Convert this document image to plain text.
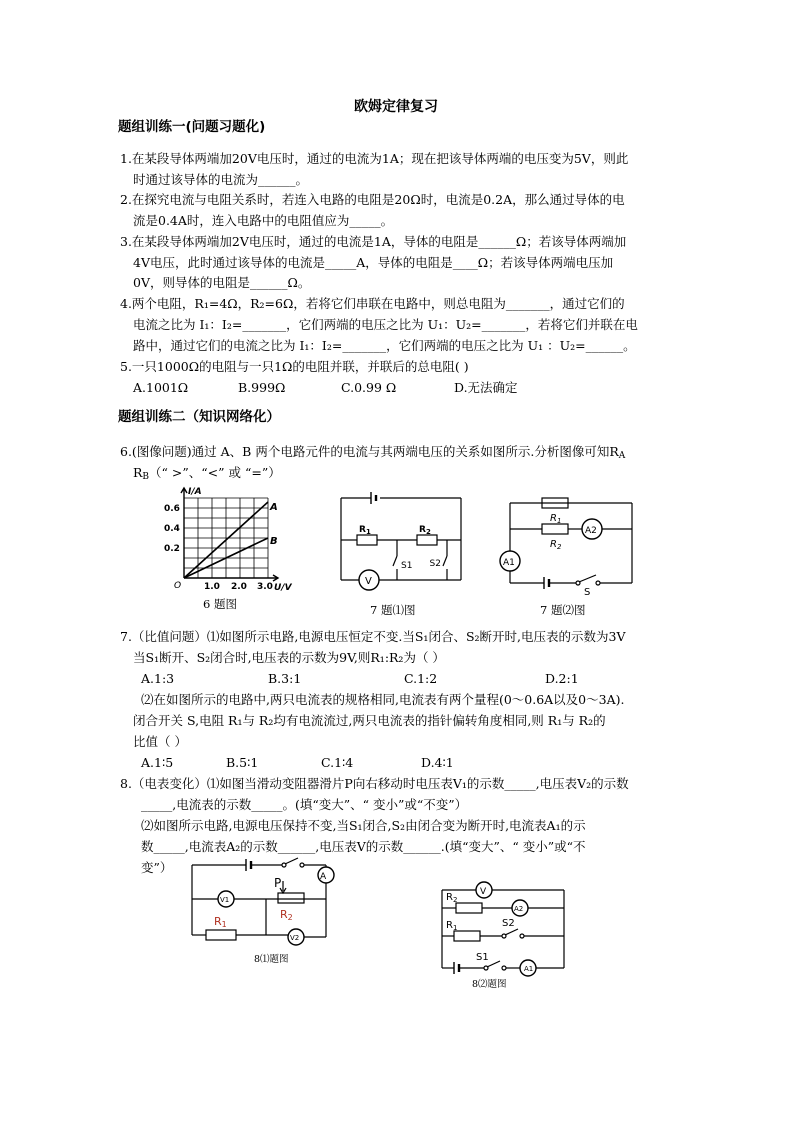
欧姆定律复习
题组训练一(问题习题化)
1.在某段导体两端加20V电压时，通过的电流为1A；现在把该导体两端的电压变为5V，则此
时通过该导体的电流为______。
2.在探究电流与电阻关系时，若连入电路的电阻是20Ω时，电流是0.2A，那么通过导体的电
流是0.4A时，连入电路中的电阻值应为_____。
3.在某段导体两端加2V电压时，通过的电流是1A，导体的电阻是______Ω；若该导体两端加
4V电压，此时通过该导体的电流是_____A，导体的电阻是____Ω；若该导体两端电压加
0V，则导体的电阻是______Ω。
4.两个电阻，R₁=4Ω，R₂=6Ω，若将它们串联在电路中，则总电阻为_______，通过它们的
电流之比为 I₁：I₂=_______，它们两端的电压之比为 U₁：U₂=_______，若将它们并联在电
路中，通过它们的电流之比为 I₁：I₂=_______，它们两端的电压之比为 U₁ ：U₂=______。
5.一只1000Ω的电阻与一只1Ω的电阻并联，并联后的总电阻( )
A.1001Ω	B.999Ω	C.0.99 Ω	D.无法确定
题组训练二（知识网络化）
6.(图像问题)通过 A、B 两个电路元件的电流与其两端电压的关系如图所示.分析图像可知$R_A$
$R_B(“$ >”、“<” 或 “=”）
I/A
U/V
O
0.6
0.4
0.2
1.0 2.0 3.0
A
B
6 题图
$R_1$	$R_2$
V
S1 S2
7 题⑴图
$R_1$
$R_2$
A2
A1
S
7 题⑵图
7.（比值问题）⑴如图所示电路,电源电压恒定不变.当S₁闭合、S₂断开时,电压表的示数为3V
当S₁断开、S₂闭合时,电压表的示数为9V,则R₁:R₂为（ ）
A.1:3	B.3:1	C.1:2	D.2:1
⑵在如图所示的电路中,两只电流表的规格相同,电流表有两个量程(0～0.6A以及0～3A).
闭合开关 S,电阻 R₁与 R₂均有电流流过,两只电流表的指针偏转角度相同,则 R₁与 R₂的
比值（ ）
A.1∶5	B.5∶1	C.1∶4	D.4∶1
8.（电表变化）⑴如图当滑动变阻器滑片P向右移动时电压表V₁的示数_____,电压表V₂的示数
_____,电流表的示数_____。(填“变大”、“ 变小”或“不变”）
⑵如图所示电路,电源电压保持不变,当S₁闭合,S₂由闭合变为断开时,电流表A₁的示
数_____,电流表A₂的示数______,电压表V的示数______.(填“变大”、“ 变小”或“不
变”）
A
V1
V2
P
R2
R1
8⑴题图
V
A2
A1
$R_2$
$R_1$	S2
S1
8⑵题图
